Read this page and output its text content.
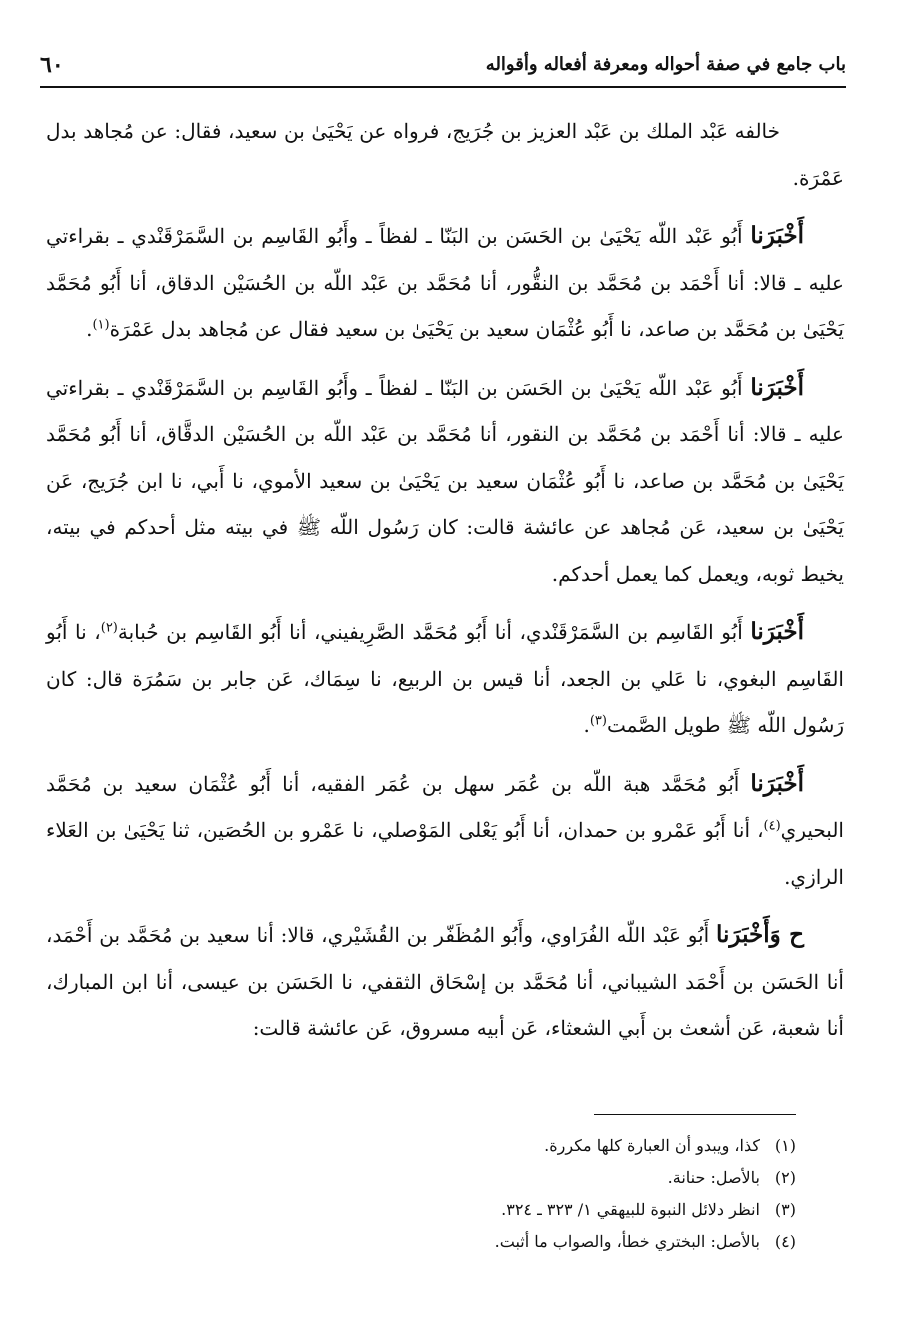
باب جامع في صفة أحواله ومعرفة أفعاله وأقواله
٦٠

خالفه عَبْد الملك بن عَبْد العزيز بن جُرَيج، فرواه عن يَحْيَىٰ بن سعيد، فقال: عن مُجاهد بدل عَمْرَة.

أَخْبَرَنا أَبُو عَبْد اللّه يَحْيَىٰ بن الحَسَن بن البَنّا ـ لفظاً ـ وأَبُو القَاسِم بن السَّمَرْقَنْدي ـ بقراءتي عليه ـ قالا: أنا أَحْمَد بن مُحَمَّد بن النقُّور، أنا مُحَمَّد بن عَبْد اللّه بن الحُسَيْن الدقاق، أنا أَبُو مُحَمَّد يَحْيَىٰ بن مُحَمَّد بن صاعد، نا أَبُو عُثْمَان سعيد بن يَحْيَىٰ بن سعيد فقال عن مُجاهد بدل عَمْرَة$^{(١)}$.

أَخْبَرَنا أَبُو عَبْد اللّه يَحْيَىٰ بن الحَسَن بن البَنّا ـ لفظاً ـ وأَبُو القَاسِم بن السَّمَرْقَنْدي ـ بقراءتي عليه ـ قالا: أنا أَحْمَد بن مُحَمَّد بن النقور، أنا مُحَمَّد بن عَبْد اللّه بن الحُسَيْن الدقَّاق، أنا أَبُو مُحَمَّد يَحْيَىٰ بن مُحَمَّد بن صاعد، نا أَبُو عُثْمَان سعيد بن يَحْيَىٰ بن سعيد الأموي، نا أَبي، نا ابن جُرَيج، عَن يَحْيَىٰ بن سعيد، عَن مُجاهد عن عائشة قالت: كان رَسُول اللّه ﷺ في بيته مثل أحدكم في بيته، يخيط ثوبه، ويعمل كما يعمل أحدكم.

أَخْبَرَنا أَبُو القَاسِم بن السَّمَرْقَنْدي، أنا أَبُو مُحَمَّد الصَّرِيفيني، أنا أَبُو القَاسِم بن حُبابة$^{(٢)}$، نا أَبُو القَاسِم البغوي، نا عَلي بن الجعد، أنا قيس بن الربيع، نا سِمَاك، عَن جابر بن سَمُرَة قال: كان رَسُول اللّه ﷺ طويل الصَّمت$^{(٣)}$.

أَخْبَرَنا أَبُو مُحَمَّد هبة اللّه بن عُمَر سهل بن عُمَر الفقيه، أنا أَبُو عُثْمَان سعيد بن مُحَمَّد البحيري$^{(٤)}$، أنا أَبُو عَمْرو بن حمدان، أنا أَبُو يَعْلى المَوْصلي، نا عَمْرو بن الحُصَين، ثنا يَحْيَىٰ بن العَلاء الرازي.

ح وَأَخْبَرَنا أَبُو عَبْد اللّه الفُرَاوي، وأَبُو المُظَفّر بن القُشَيْري، قالا: أنا سعيد بن مُحَمَّد بن أَحْمَد، أنا الحَسَن بن أَحْمَد الشيباني، أنا مُحَمَّد بن إسْحَاق الثقفي، نا الحَسَن بن عيسى، أنا ابن المبارك، أنا شعبة، عَن أشعث بن أَبي الشعثاء، عَن أبيه مسروق، عَن عائشة قالت:

(١)كذا، ويبدو أن العبارة كلها مكررة.
(٢)بالأصل: حنانة.
(٣)انظر دلائل النبوة للبيهقي ١/ ٣٢٣ ـ ٣٢٤.
(٤)بالأصل: البختري خطأ، والصواب ما أثبت.
